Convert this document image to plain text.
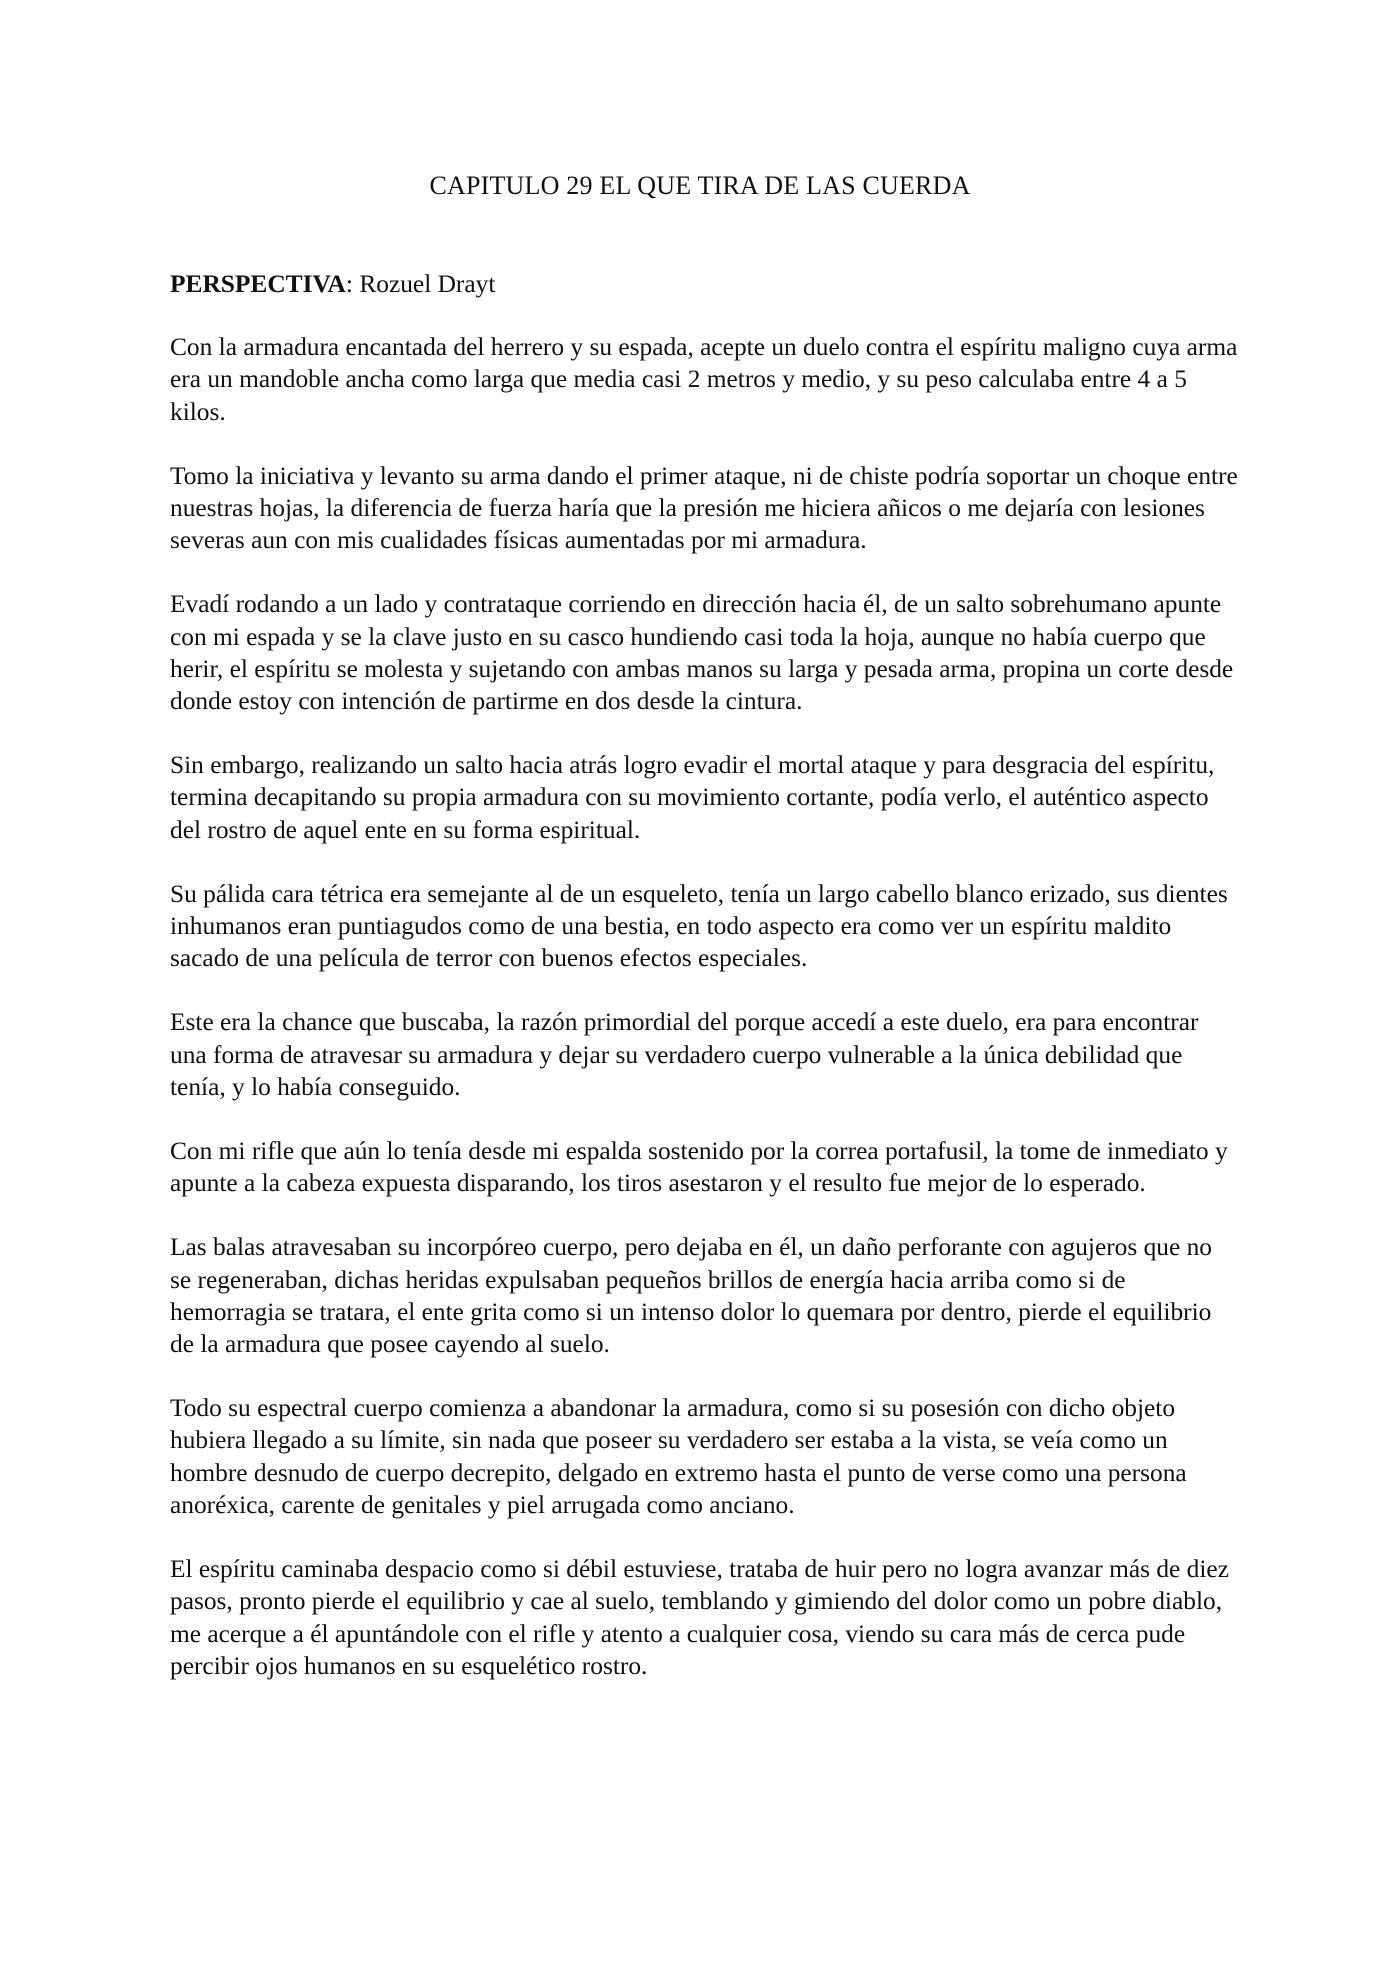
CAPITULO 29 EL QUE TIRA DE LAS CUERDA

PERSPECTIVA: Rozuel Drayt

Con la armadura encantada del herrero y su espada, acepte un duelo contra el espíritu maligno cuya arma era un mandoble ancha como larga que media casi 2 metros y medio, y su peso calculaba entre 4 a 5 kilos.

Tomo la iniciativa y levanto su arma dando el primer ataque, ni de chiste podría soportar un choque entre nuestras hojas, la diferencia de fuerza haría que la presión me hiciera añicos o me dejaría con lesiones severas aun con mis cualidades físicas aumentadas por mi armadura.

Evadí rodando a un lado y contrataque corriendo en dirección hacia él, de un salto sobrehumano apunte con mi espada y se la clave justo en su casco hundiendo casi toda la hoja, aunque no había cuerpo que herir, el espíritu se molesta y sujetando con ambas manos su larga y pesada arma, propina un corte desde donde estoy con intención de partirme en dos desde la cintura.

Sin embargo, realizando un salto hacia atrás logro evadir el mortal ataque y para desgracia del espíritu, termina decapitando su propia armadura con su movimiento cortante, podía verlo, el auténtico aspecto del rostro de aquel ente en su forma espiritual.

Su pálida cara tétrica era semejante al de un esqueleto, tenía un largo cabello blanco erizado, sus dientes inhumanos eran puntiagudos como de una bestia, en todo aspecto era como ver un espíritu maldito sacado de una película de terror con buenos efectos especiales.

Este era la chance que buscaba, la razón primordial del porque accedí a este duelo, era para encontrar una forma de atravesar su armadura y dejar su verdadero cuerpo vulnerable a la única debilidad que tenía, y lo había conseguido.

Con mi rifle que aún lo tenía desde mi espalda sostenido por la correa portafusil, la tome de inmediato y apunte a la cabeza expuesta disparando, los tiros asestaron y el resulto fue mejor de lo esperado.

Las balas atravesaban su incorpóreo cuerpo, pero dejaba en él, un daño perforante con agujeros que no se regeneraban, dichas heridas expulsaban pequeños brillos de energía hacia arriba como si de hemorragia se tratara, el ente grita como si un intenso dolor lo quemara por dentro, pierde el equilibrio de la armadura que posee cayendo al suelo.

Todo su espectral cuerpo comienza a abandonar la armadura, como si su posesión con dicho objeto hubiera llegado a su límite, sin nada que poseer su verdadero ser estaba a la vista, se veía como un hombre desnudo de cuerpo decrepito, delgado en extremo hasta el punto de verse como una persona anoréxica, carente de genitales y piel arrugada como anciano.

El espíritu caminaba despacio como si débil estuviese, trataba de huir pero no logra avanzar más de diez pasos, pronto pierde el equilibrio y cae al suelo, temblando y gimiendo del dolor como un pobre diablo, me acerque a él apuntándole con el rifle y atento a cualquier cosa, viendo su cara más de cerca pude percibir ojos humanos en su esquelético rostro.
